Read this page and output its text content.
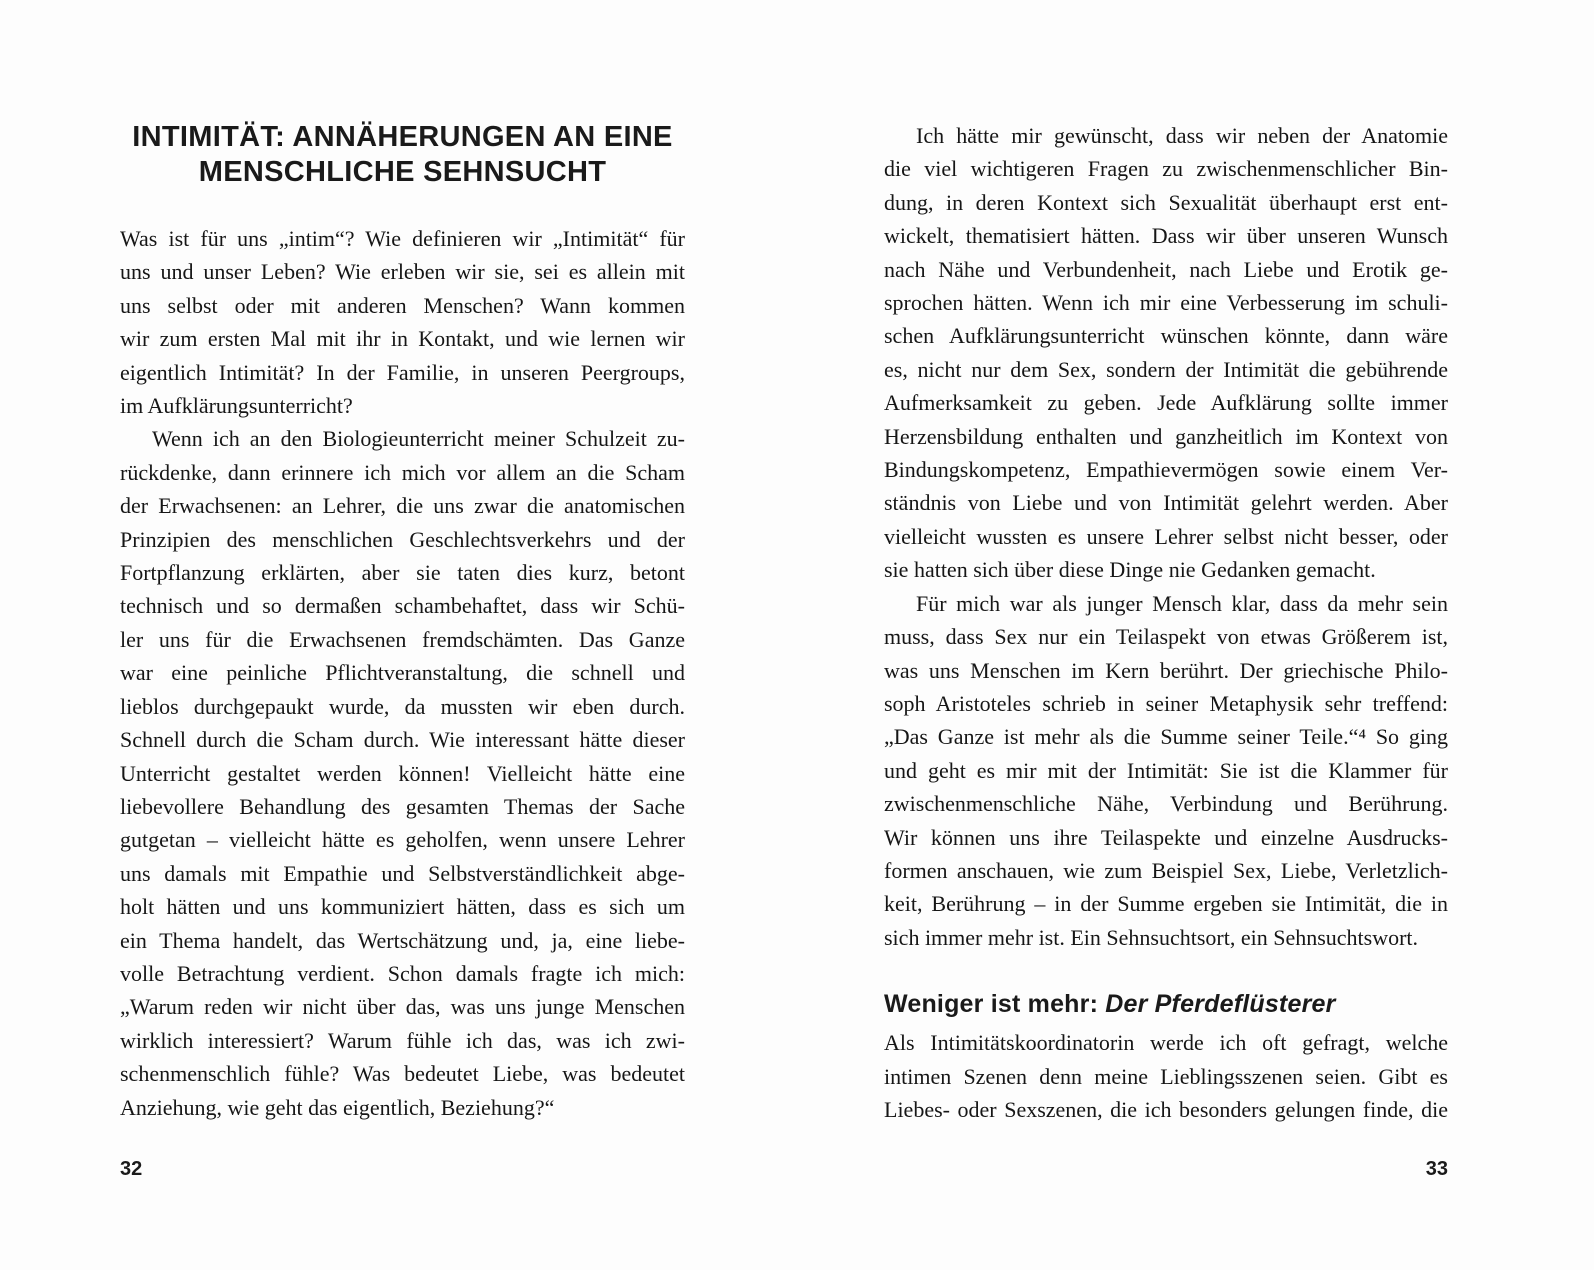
INTIMITÄT: ANNÄHERUNGEN AN EINE
MENSCHLICHE SEHNSUCHT
Was ist für uns „intim“? Wie definieren wir „Intimität“ für
uns und unser Leben? Wie erleben wir sie, sei es allein mit
uns selbst oder mit anderen Menschen? Wann kommen
wir zum ersten Mal mit ihr in Kontakt, und wie lernen wir
eigentlich Intimität? In der Familie, in unseren Peergroups,
im Aufklärungsunterricht?
Wenn ich an den Biologieunterricht meiner Schulzeit zu-
rückdenke, dann erinnere ich mich vor allem an die Scham
der Erwachsenen: an Lehrer, die uns zwar die anatomischen
Prinzipien des menschlichen Geschlechtsverkehrs und der
Fortpflanzung erklärten, aber sie taten dies kurz, betont
technisch und so dermaßen schambehaftet, dass wir Schü-
ler uns für die Erwachsenen fremdschämten. Das Ganze
war eine peinliche Pflichtveranstaltung, die schnell und
lieblos durchgepaukt wurde, da mussten wir eben durch.
Schnell durch die Scham durch. Wie interessant hätte dieser
Unterricht gestaltet werden können! Vielleicht hätte eine
liebevollere Behandlung des gesamten Themas der Sache
gutgetan – vielleicht hätte es geholfen, wenn unsere Lehrer
uns damals mit Empathie und Selbstverständlichkeit abge-
holt hätten und uns kommuniziert hätten, dass es sich um
ein Thema handelt, das Wertschätzung und, ja, eine liebe-
volle Betrachtung verdient. Schon damals fragte ich mich:
„Warum reden wir nicht über das, was uns junge Menschen
wirklich interessiert? Warum fühle ich das, was ich zwi-
schenmenschlich fühle? Was bedeutet Liebe, was bedeutet
Anziehung, wie geht das eigentlich, Beziehung?“
32
Ich hätte mir gewünscht, dass wir neben der Anatomie
die viel wichtigeren Fragen zu zwischenmenschlicher Bin-
dung, in deren Kontext sich Sexualität überhaupt erst ent-
wickelt, thematisiert hätten. Dass wir über unseren Wunsch
nach Nähe und Verbundenheit, nach Liebe und Erotik ge-
sprochen hätten. Wenn ich mir eine Verbesserung im schuli-
schen Aufklärungsunterricht wünschen könnte, dann wäre
es, nicht nur dem Sex, sondern der Intimität die gebührende
Aufmerksamkeit zu geben. Jede Aufklärung sollte immer
Herzensbildung enthalten und ganzheitlich im Kontext von
Bindungskompetenz, Empathievermögen sowie einem Ver-
ständnis von Liebe und von Intimität gelehrt werden. Aber
vielleicht wussten es unsere Lehrer selbst nicht besser, oder
sie hatten sich über diese Dinge nie Gedanken gemacht.
Für mich war als junger Mensch klar, dass da mehr sein
muss, dass Sex nur ein Teilaspekt von etwas Größerem ist,
was uns Menschen im Kern berührt. Der griechische Philo-
soph Aristoteles schrieb in seiner Metaphysik sehr treffend:
„Das Ganze ist mehr als die Summe seiner Teile.“⁴ So ging
und geht es mir mit der Intimität: Sie ist die Klammer für
zwischenmenschliche Nähe, Verbindung und Berührung.
Wir können uns ihre Teilaspekte und einzelne Ausdrucks-
formen anschauen, wie zum Beispiel Sex, Liebe, Verletzlich-
keit, Berührung – in der Summe ergeben sie Intimität, die in
sich immer mehr ist. Ein Sehnsuchtsort, ein Sehnsuchtswort.
Weniger ist mehr: Der Pferdeflüsterer
Als Intimitätskoordinatorin werde ich oft gefragt, welche
intimen Szenen denn meine Lieblingsszenen seien. Gibt es
Liebes- oder Sexszenen, die ich besonders gelungen finde, die
33
